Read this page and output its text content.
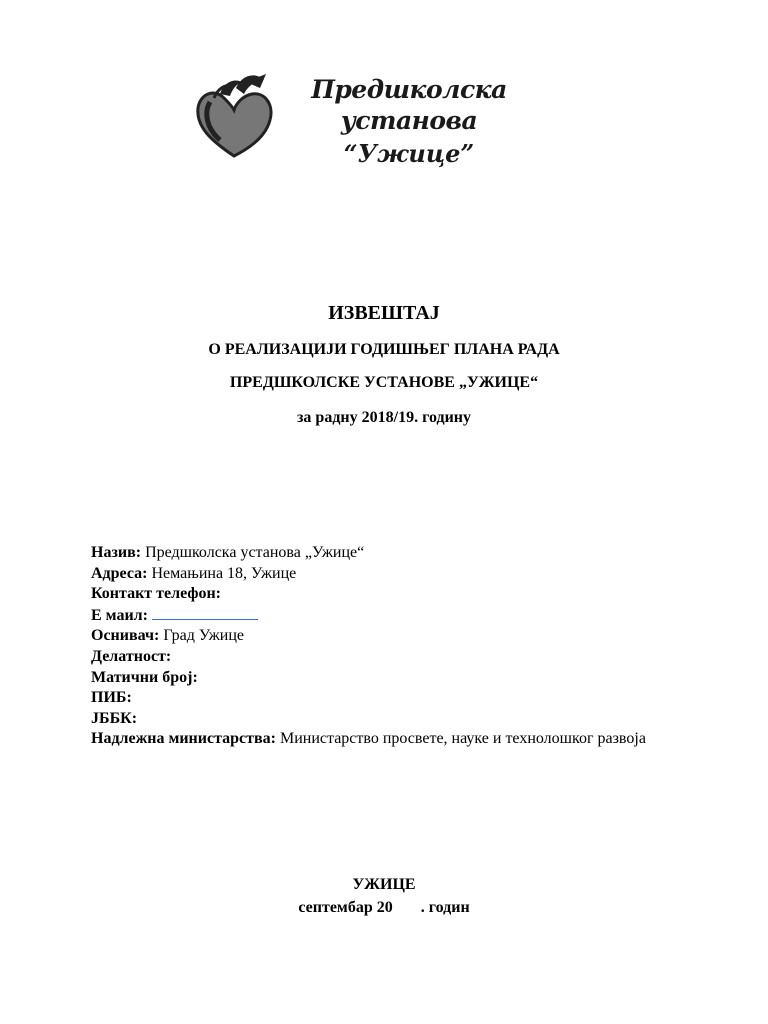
Предшколска установа
“Ужице”
ИЗВЕШТАЈ
О РЕАЛИЗАЦИЈИ ГОДИШЊЕГ ПЛАНА РАДА
ПРЕДШКОЛСКЕ УСТАНОВЕ „УЖИЦЕ“
за радну 2018/19. годину
Назив: Предшколска установа „Ужице“
Адреса: Немањина 18, Ужице
Контакт телефон:
Е маил:
Оснивач: Град Ужице
Делатност:
Матични број:
ПИБ:
ЈББК:
Надлежна министарства: Министарство просвете, науке и технолошког развоја
УЖИЦЕ
септембар 20 . годин
